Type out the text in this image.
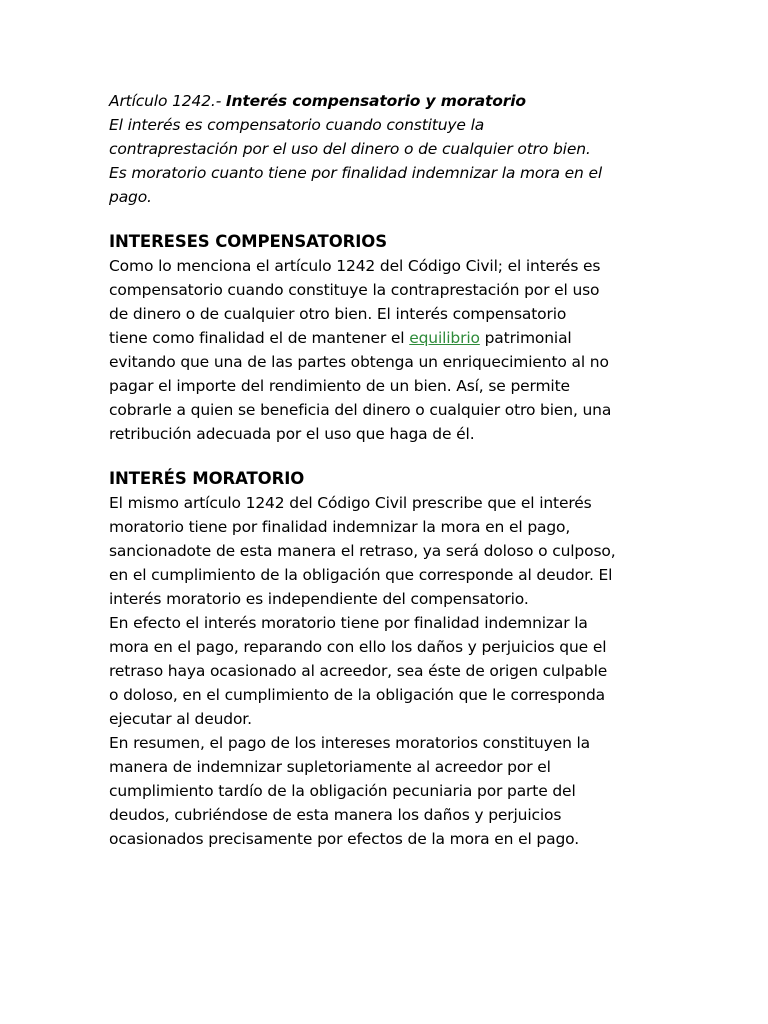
Artículo 1242.- Interés compensatorio y moratorio
El interés es compensatorio cuando constituye la
contraprestación por el uso del dinero o de cualquier otro bien.
Es moratorio cuanto tiene por finalidad indemnizar la mora en el
pago.
INTERESES COMPENSATORIOS
Como lo menciona el artículo 1242 del Código Civil; el interés es
compensatorio cuando constituye la contraprestación por el uso
de dinero o de cualquier otro bien. El interés compensatorio
tiene como finalidad el de mantener el equilibrio patrimonial
evitando que una de las partes obtenga un enriquecimiento al no
pagar el importe del rendimiento de un bien. Así, se permite
cobrarle a quien se beneficia del dinero o cualquier otro bien, una
retribución adecuada por el uso que haga de él.
INTERÉS MORATORIO
El mismo artículo 1242 del Código Civil prescribe que el interés
moratorio tiene por finalidad indemnizar la mora en el pago,
sancionadote de esta manera el retraso, ya será doloso o culposo,
en el cumplimiento de la obligación que corresponde al deudor. El
interés moratorio es independiente del compensatorio.
En efecto el interés moratorio tiene por finalidad indemnizar la
mora en el pago, reparando con ello los daños y perjuicios que el
retraso haya ocasionado al acreedor, sea éste de origen culpable
o doloso, en el cumplimiento de la obligación que le corresponda
ejecutar al deudor.
En resumen, el pago de los intereses moratorios constituyen la
manera de indemnizar supletoriamente al acreedor por el
cumplimiento tardío de la obligación pecuniaria por parte del
deudos, cubriéndose de esta manera los daños y perjuicios
ocasionados precisamente por efectos de la mora en el pago.
